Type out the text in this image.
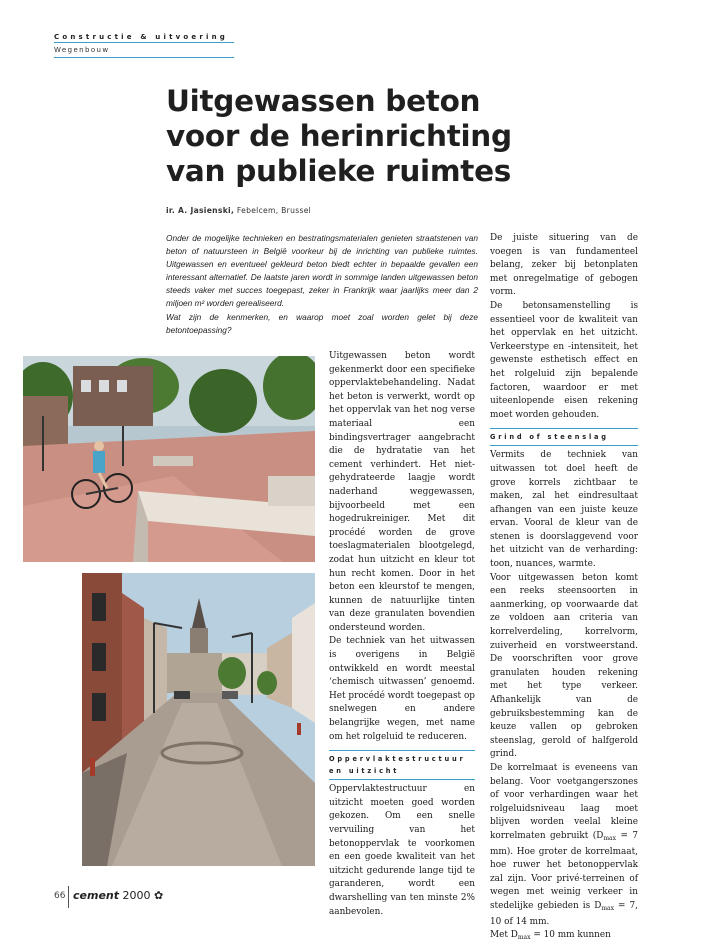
Constructie & uitvoering
Wegenbouw
Uitgewassen beton
voor de herinrichting
van publieke ruimtes
ir. A. Jasienski, Febelcem, Brussel

Onder de mogelijke technieken en bestratingsmaterialen genieten straatstenen van beton of natuursteen in België voorkeur bij de inrichting van publieke ruimtes. Uitgewassen en eventueel gekleurd beton biedt echter in bepaalde gevallen een interessant alternatief. De laatste jaren wordt in sommige landen uitgewassen beton steeds vaker met succes toegepast, zeker in Frankrijk waar jaarlijks meer dan 2 miljoen m² worden gerealiseerd.

Wat zijn de kenmerken, en waarop moet zoal worden gelet bij deze betontoepassing?

Uitgewassen beton wordt gekenmerkt door een specifieke oppervlaktebehandeling. Nadat het beton is verwerkt, wordt op het oppervlak van het nog verse materiaal een bindingsvertrager aangebracht die de hydratatie van het cement verhindert. Het niet-gehydrateerde laagje wordt naderhand weggewassen, bijvoorbeeld met een hogedrukreiniger. Met dit procédé worden de grove toeslagmaterialen blootgelegd, zodat hun uitzicht en kleur tot hun recht komen. Door in het beton een kleurstof te mengen, kunnen de natuurlijke tinten van deze granulaten bovendien ondersteund worden.

De techniek van het uitwassen is overigens in België ontwikkeld en wordt meestal ‘chemisch uitwassen’ genoemd. Het procédé wordt toegepast op snelwegen en andere belangrijke wegen, met name om het rolgeluid te reduceren.

Oppervlaktestructuur en uitzicht

Oppervlaktestructuur en uitzicht moeten goed worden gekozen. Om een snelle vervuiling van het betonoppervlak te voorkomen en een goede kwaliteit van het uitzicht gedurende lange tijd te garanderen, wordt een dwarshelling van ten minste 2% aanbevolen.

De juiste situering van de voegen is van fundamenteel belang, zeker bij betonplaten met onregelmatige of gebogen vorm.

De betonsamenstelling is essentieel voor de kwaliteit van het oppervlak en het uitzicht. Verkeerstype en -intensiteit, het gewenste esthetisch effect en het rolgeluid zijn bepalende factoren, waardoor er met uiteenlopende eisen rekening moet worden gehouden.

Grind of steenslag

Vermits de techniek van uitwassen tot doel heeft de grove korrels zichtbaar te maken, zal het eindresultaat afhangen van een juiste keuze ervan. Vooral de kleur van de stenen is doorslaggevend voor het uitzicht van de verharding: toon, nuances, warmte.

Voor uitgewassen beton komt een reeks steensoorten in aanmerking, op voorwaarde dat ze voldoen aan criteria van korrelverdeling, korrelvorm, zuiverheid en vorstweerstand. De voorschriften voor grove granulaten houden rekening met het type verkeer. Afhankelijk van de gebruiksbestemming kan de keuze vallen op gebroken steenslag, gerold of halfgerold grind.

De korrelmaat is eveneens van belang. Voor voetgangerszones of voor verhardingen waar het rolgeluidsniveau laag moet blijven worden veelal kleine korrelmaten gebruikt ($D_{max} = 7$ mm). Hoe groter de korrelmaat, hoe ruwer het betonoppervlak zal zijn. Voor privé-terreinen of wegen met weinig verkeer in stedelijke gebieden is $D_{max} = 7$, 10 of 14 mm.

Met $D_{max} = 10$ mm kunnen

66 cement 2000 ✿
